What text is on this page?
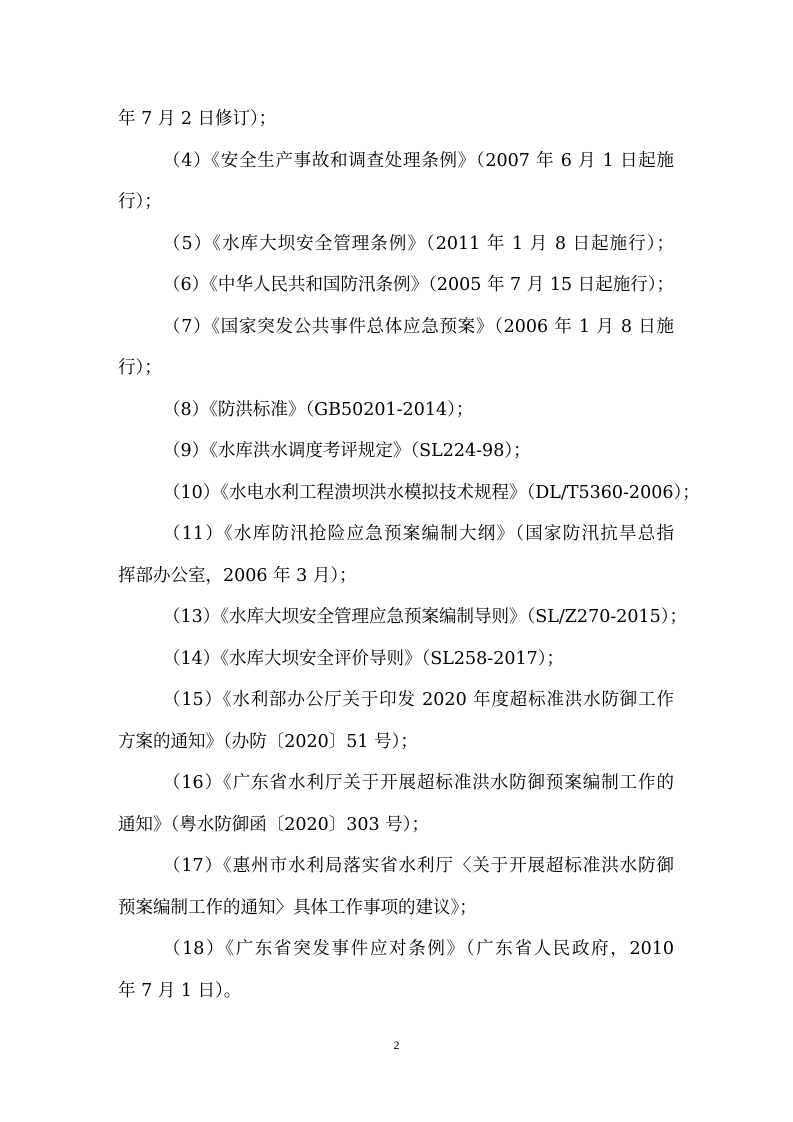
年 7 月 2 日修订）；
（4）《安全生产事故和调查处理条例》（2007 年 6 月 1 日起施
行）；
（5）《水库大坝安全管理条例》（2011 年 1 月 8 日起施行）；
（6）《中华人民共和国防汛条例》（2005 年 7 月 15 日起施行）；
（7）《国家突发公共事件总体应急预案》（2006 年 1 月 8 日施
行）；
（8）《防洪标准》（GB50201-2014）；
（9）《水库洪水调度考评规定》（SL224-98）；
（10）《水电水利工程溃坝洪水模拟技术规程》（DL/T5360-2006）；
（11）《水库防汛抢险应急预案编制大纲》（国家防汛抗旱总指
挥部办公室，2006 年 3 月）；
（13）《水库大坝安全管理应急预案编制导则》（SL/Z270-2015）；
（14）《水库大坝安全评价导则》（SL258-2017）；
（15）《水利部办公厅关于印发 2020 年度超标准洪水防御工作
方案的通知》（办防〔2020〕51 号）；
（16）《广东省水利厅关于开展超标准洪水防御预案编制工作的
通知》（粤水防御函〔2020〕303 号）；
（17）《惠州市水利局落实省水利厅〈关于开展超标准洪水防御
预案编制工作的通知〉具体工作事项的建议》；
（18）《广东省突发事件应对条例》（广东省人民政府，2010
年 7 月 1 日）。
2
